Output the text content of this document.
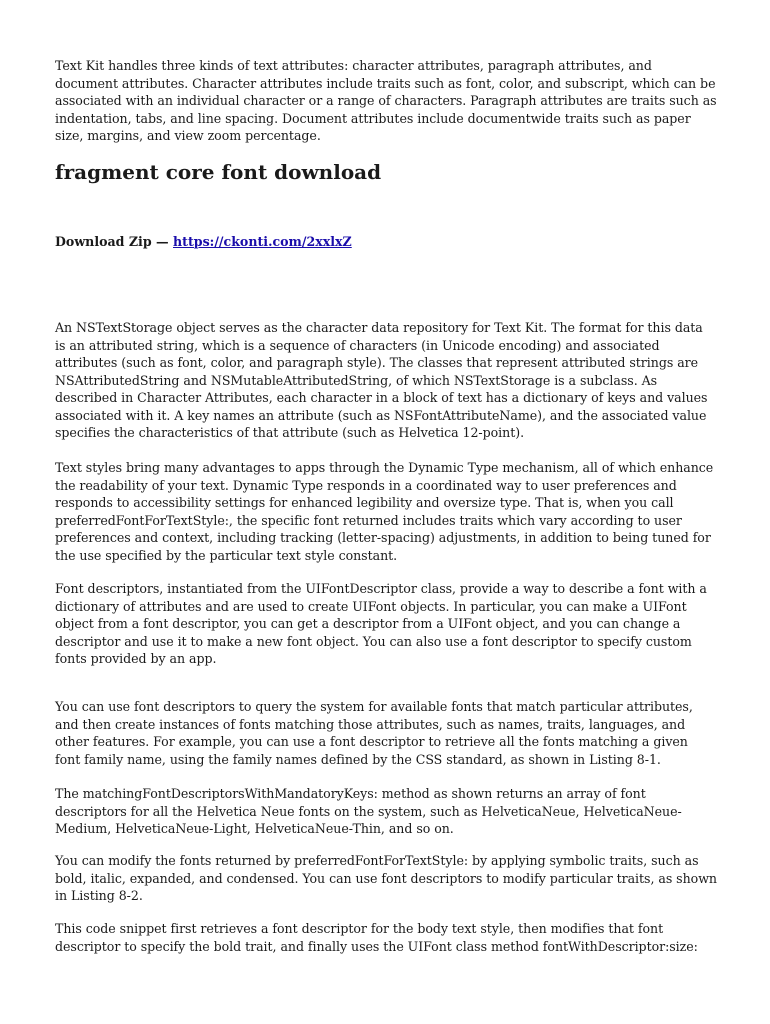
Text Kit handles three kinds of text attributes: character attributes, paragraph attributes, and document attributes. Character attributes include traits such as font, color, and subscript, which can be associated with an individual character or a range of characters. Paragraph attributes are traits such as indentation, tabs, and line spacing. Document attributes include documentwide traits such as paper size, margins, and view zoom percentage.

fragment core font download
Download Zip — https://ckonti.com/2xxlxZ

An NSTextStorage object serves as the character data repository for Text Kit. The format for this data is an attributed string, which is a sequence of characters (in Unicode encoding) and associated attributes (such as font, color, and paragraph style). The classes that represent attributed strings are NSAttributedString and NSMutableAttributedString, of which NSTextStorage is a subclass. As described in Character Attributes, each character in a block of text has a dictionary of keys and values associated with it. A key names an attribute (such as NSFontAttributeName), and the associated value specifies the characteristics of that attribute (such as Helvetica 12-point).

Text styles bring many advantages to apps through the Dynamic Type mechanism, all of which enhance the readability of your text. Dynamic Type responds in a coordinated way to user preferences and responds to accessibility settings for enhanced legibility and oversize type. That is, when you call preferredFontForTextStyle:, the specific font returned includes traits which vary according to user preferences and context, including tracking (letter-spacing) adjustments, in addition to being tuned for the use specified by the particular text style constant.

Font descriptors, instantiated from the UIFontDescriptor class, provide a way to describe a font with a dictionary of attributes and are used to create UIFont objects. In particular, you can make a UIFont object from a font descriptor, you can get a descriptor from a UIFont object, and you can change a descriptor and use it to make a new font object. You can also use a font descriptor to specify custom fonts provided by an app.

You can use font descriptors to query the system for available fonts that match particular attributes, and then create instances of fonts matching those attributes, such as names, traits, languages, and other features. For example, you can use a font descriptor to retrieve all the fonts matching a given font family name, using the family names defined by the CSS standard, as shown in Listing 8-1.

The matchingFontDescriptorsWithMandatoryKeys: method as shown returns an array of font descriptors for all the Helvetica Neue fonts on the system, such as HelveticaNeue, HelveticaNeue-Medium, HelveticaNeue-Light, HelveticaNeue-Thin, and so on.

You can modify the fonts returned by preferredFontForTextStyle: by applying symbolic traits, such as bold, italic, expanded, and condensed. You can use font descriptors to modify particular traits, as shown in Listing 8-2.

This code snippet first retrieves a font descriptor for the body text style, then modifies that font descriptor to specify the bold trait, and finally uses the UIFont class method fontWithDescriptor:size:
